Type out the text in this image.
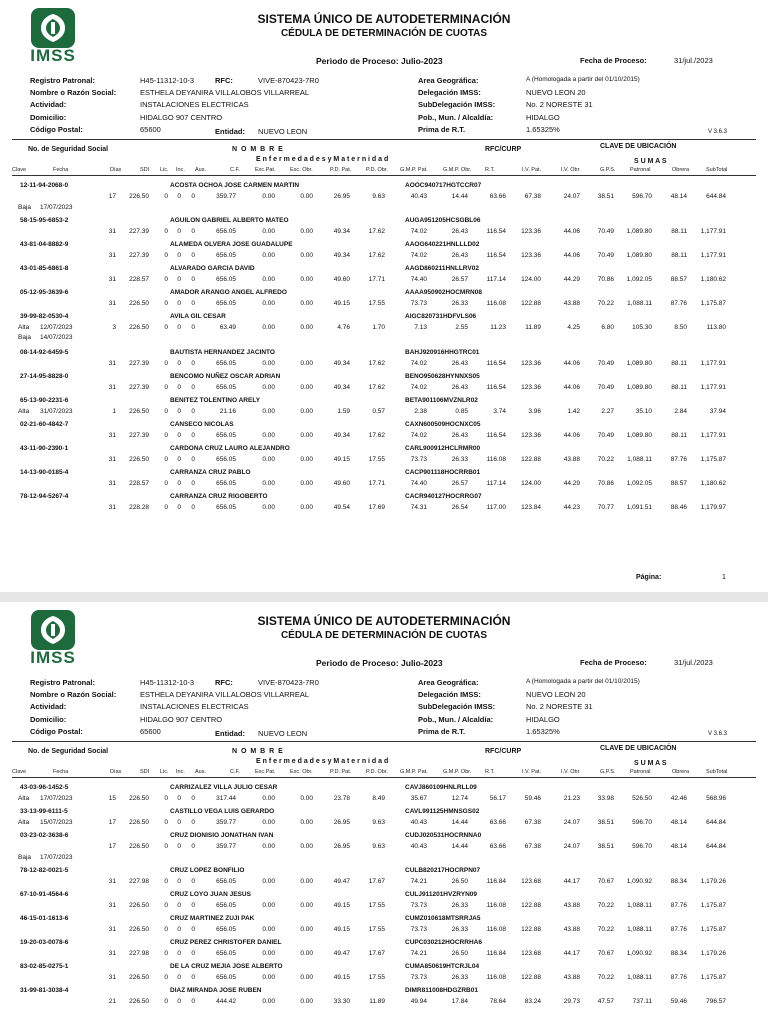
IMSS
SISTEMA ÚNICO DE AUTODETERMINACIÓN
CÉDULA DE DETERMINACIÓN DE CUOTAS
Periodo de Proceso: Julio-2023	Fecha de Proceso:	31/jul./2023
Registro Patronal:
Nombre o Razón Social:
Actividad:
Domicilio:
Código Postal:
H45-11312-10-3	RFC:	VIVE-870423-7R0
ESTHELA DEYANIRA VILLALOBOS VILLARREAL
INSTALACIONES ELECTRICAS
HIDALGO 907 CENTRO
65600	Entidad: NUEVO LEON
Area Geográfica:	A (Homologada a partir del 01/10/2015)
Delegación IMSS:	NUEVO LEON 20
SubDelegación IMSS:	No. 2 NORESTE 31
Pob., Mun. / Alcaldía:	HIDALGO
Prima de R.T.	1.65325%	V 3.6.3
No. de Seguridad Social	N O M B R E	RFC/CURP	CLAVE DE UBICACIÓN
E n f e r m e d a d e s y M a t e r n i d a d	S U M A S
Clave	Fecha	Días	SDI Lic. Inc. Aus.	C.F.	Exc.Pat.	Exc. Obr.	P.D. Pat.	P.D. Obr. G.M.P. Pat.	G.M.P. Obr. R.T.	I.V. Pat.	I.V. Obr	G.P.S.	Patronal	Obrera	SubTotal
12-11-94-2068-0	ACOSTA OCHOA JOSE CARMEN MARTIN	AOOC940717HGTCCR07
17 226.50 0 0 0	359.77	0.00	0.00	26.95	9.63	40.43	14.44	63.66	67.38	24.07	38.51	596.70	48.14	644.84
Baja 17/07/2023
58-15-95-6853-2	AGUILON GABRIEL ALBERTO MATEO	AUGA951205HCSGBL06
31 227.39 0 0 0	656.05	0.00	0.00	49.34	17.62	74.02	26.43	116.54 123.36	44.06	70.49 1,089.80	88.11 1,177.91
43-81-04-8882-9	ALAMEDA OLVERA JOSE GUADALUPE	AAOG640221HNLLLD02
31 227.39 0 0 0	656.05	0.00	0.00	49.34	17.62	74.02	26.43	116.54 123.36	44.06	70.49 1,089.80	88.11 1,177.91
43-01-85-6861-8	ALVARADO GARCIA DAVID	AAGD860211HNLLRV02
31 228.57 0 0 0	656.05	0.00	0.00	49.60	17.71	74.40	26.57	117.14 124.00	44.29	70.86 1,092.05	88.57 1,180.62
05-12-95-3639-6	AMADOR ARANGO ANGEL ALFREDO	AAAA950902HOCMRN08
31 226.50 0 0 0	656.05	0.00	0.00	49.15	17.55	73.73	26.33	116.08 122.88	43.88	70.22 1,088.11	87.76 1,175.87
39-99-82-0530-4	AVILA GIL CESAR	AIGC820731HDFVLS06
3 226.50 0 0 0	63.49	0.00	0.00	4.76	1.70	7.13	2.55	11.23	11.89	4.25	6.80	105.30	8.50	113.80
Alta 12/07/2023
Baja 14/07/2023
08-14-92-6459-5	BAUTISTA HERNANDEZ JACINTO	BAHJ920916HHGTRC01
31 227.39 0 0 0	656.05	0.00	0.00	49.34	17.62	74.02	26.43	116.54 123.36	44.06	70.49 1,089.80	88.11 1,177.91
27-14-95-8828-0	BENCOMO NUÑEZ OSCAR ADRIAN	BENO950628HYNNXS05
31 227.39 0 0 0	656.05	0.00	0.00	49.34	17.62	74.02	26.43	116.54 123.36	44.06	70.49 1,089.80	88.11 1,177.91
65-13-90-2231-6	BENITEZ TOLENTINO ARELY	BETA901106MVZNLR02
1 226.50 0 0 0	21.16	0.00	0.00	1.59	0.57	2.38	0.85	3.74	3.96	1.42	2.27	35.10	2.84	37.94
Alta 31/07/2023
02-21-60-4842-7	CANSECO NICOLAS	CAXN600509HOCNXC05
31 227.39 0 0 0	656.05	0.00	0.00	49.34	17.62	74.02	26.43	116.54 123.36	44.06	70.49 1,089.80	88.11 1,177.91
43-11-90-2390-1	CARDONA CRUZ LAURO ALEJANDRO	CARL900912HCLRMR00
31 226.50 0 0 0	656.05	0.00	0.00	49.15	17.55	73.73	26.33	116.08 122.88	43.88	70.22 1,088.11	87.76 1,175.87
14-13-90-0185-4	CARRANZA CRUZ PABLO	CACP901118HOCRRB01
31 228.57 0 0 0	656.05	0.00	0.00	49.60	17.71	74.40	26.57	117.14 124.00	44.29	70.86 1,092.05	88.57 1,180.62
78-12-94-5267-4	CARRANZA CRUZ RIGOBERTO	CACR940127HOCRRG07
31 228.28 0 0 0	656.05	0.00	0.00	49.54	17.69	74.31	26.54	117.00 123.84	44.23	70.77 1,091.51	88.46 1,179.97
Página:	1
IMSS
SISTEMA ÚNICO DE AUTODETERMINACIÓN
CÉDULA DE DETERMINACIÓN DE CUOTAS
Periodo de Proceso: Julio-2023	Fecha de Proceso:	31/jul./2023
Registro Patronal:
Nombre o Razón Social:
Actividad:
Domicilio:
Código Postal:
H45-11312-10-3	RFC:	VIVE-870423-7R0
ESTHELA DEYANIRA VILLALOBOS VILLARREAL
INSTALACIONES ELECTRICAS
HIDALGO 907 CENTRO
65600	Entidad: NUEVO LEON
Area Geográfica:	A (Homologada a partir del 01/10/2015)
Delegación IMSS:	NUEVO LEON 20
SubDelegación IMSS:	No. 2 NORESTE 31
Pob., Mun. / Alcaldía:	HIDALGO
Prima de R.T.	1.65325%	V 3.6.3
No. de Seguridad Social	N O M B R E	RFC/CURP	CLAVE DE UBICACIÓN
E n f e r m e d a d e s y M a t e r n i d a d	S U M A S
Clave	Fecha	Días	SDI Lic. Inc. Aus.	C.F.	Exc.Pat.	Exc. Obr.	P.D. Pat.	P.D. Obr. G.M.P. Pat.	G.M.P. Obr. R.T.	I.V. Pat.	I.V. Obr	G.P.S.	Patronal	Obrera	SubTotal
43-03-96-1452-5	CARRIZALEZ VILLA JULIO CESAR	CAVJ860109HNLRLL09
15 226.50 0 0 0	317.44	0.00	0.00	23.78	8.49	35.67	12.74	56.17	59.46	21.23	33.98	526.50	42.46	568.96
Alta 17/07/2023
33-13-99-6111-5	CASTILLO VEGA LUIS GERARDO	CAVL991125HMNSGS02
17 226.50 0 0 0	359.77	0.00	0.00	26.95	9.63	40.43	14.44	63.66	67.38	24.07	38.51	596.70	48.14	644.84
Alta 15/07/2023
03-23-02-3638-6	CRUZ DIONISIO JONATHAN IVAN	CUDJ020531HOCRNNA0
17 226.50 0 0 0	359.77	0.00	0.00	26.95	9.63	40.43	14.44	63.66	67.38	24.07	38.51	596.70	48.14	644.84
Baja 17/07/2023
78-12-82-0021-5	CRUZ LOPEZ BONFILIO	CULB820217HOCRPN07
31 227.98 0 0 0	656.05	0.00	0.00	49.47	17.67	74.21	26.50	116.84 123.68	44.17	70.67 1,090.92	88.34 1,179.26
67-10-91-4564-6	CRUZ LOYO JUAN JESUS	CULJ911201HVZRYN09
31 226.50 0 0 0	656.05	0.00	0.00	49.15	17.55	73.73	26.33	116.08 122.88	43.88	70.22 1,088.11	87.76 1,175.87
46-15-01-1613-6	CRUZ MARTINEZ ZUJI PAK	CUMZ010618MTSRRJA5
31 226.50 0 0 0	656.05	0.00	0.00	49.15	17.55	73.73	26.33	116.08 122.88	43.88	70.22 1,088.11	87.76 1,175.87
19-20-03-0078-6	CRUZ PEREZ CHRISTOFER DANIEL	CUPC030212HOCRRHA6
31 227.98 0 0 0	656.05	0.00	0.00	49.47	17.67	74.21	26.50	116.84 123.68	44.17	70.67 1,090.92	88.34 1,179.26
83-02-85-0275-1	DE LA CRUZ MEJIA JOSE ALBERTO	CUMA850619HTCRJL04
31 226.50 0 0 0	656.05	0.00	0.00	49.15	17.55	73.73	26.33	116.08 122.88	43.88	70.22 1,088.11	87.76 1,175.87
31-99-81-3038-4	DIAZ MIRANDA JOSE RUBEN	DIMR811008HDGZRB01
21 226.50 0 0 0	444.42	0.00	0.00	33.30	11.89	49.94	17.84	78.64	83.24	29.73	47.57	737.11	59.46	796.57
